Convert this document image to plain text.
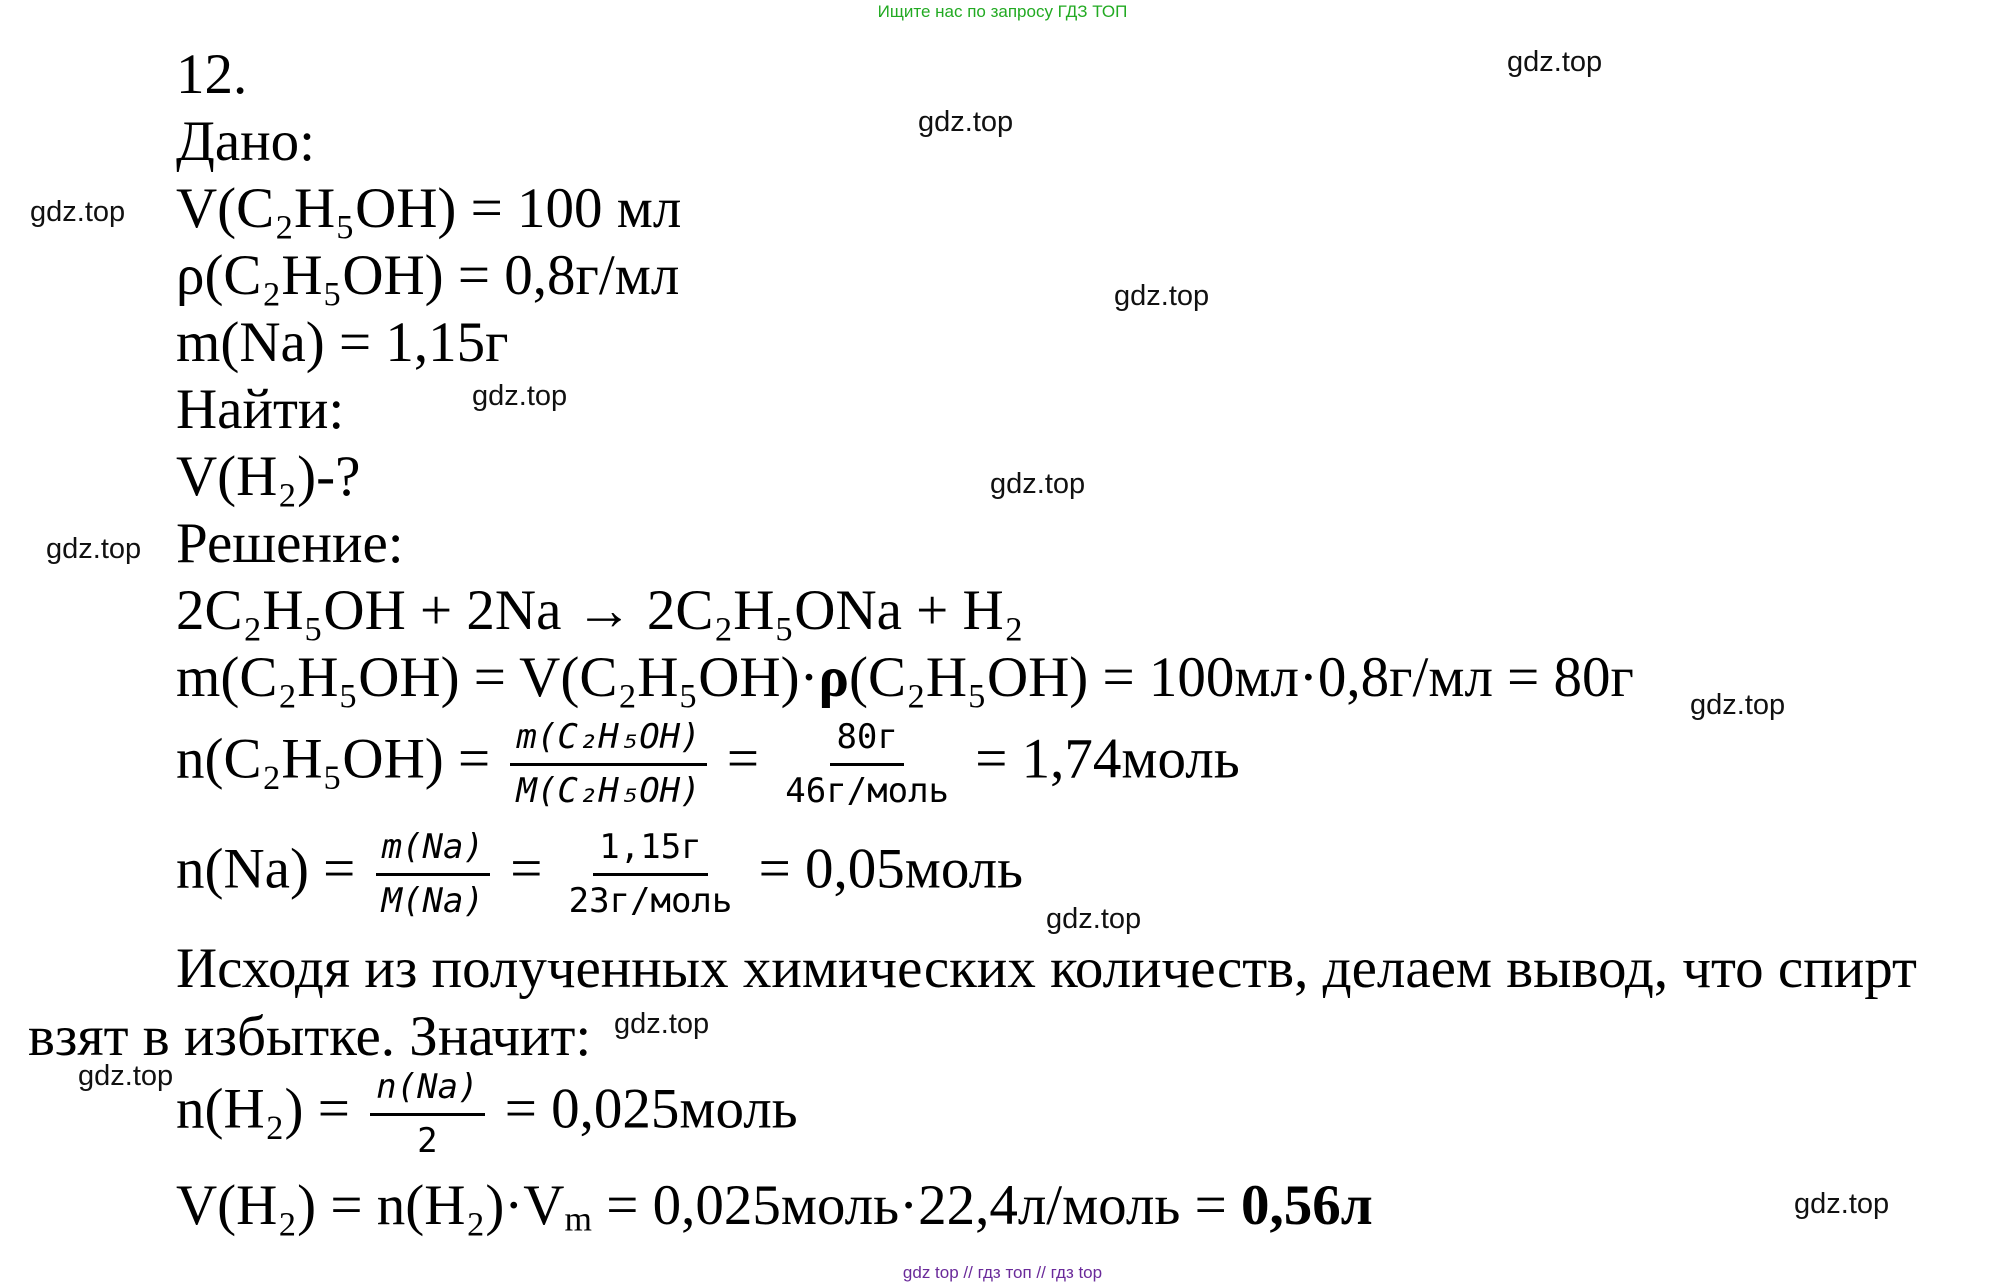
Ищите нас по запросу ГДЗ ТОП
12.
Дано:
V(C₂H₅OH) = 100 мл
ρ(C₂H₅OH) = 0,8г/мл
m(Na) = 1,15г
Найти:
V(H₂)-?
Решение:
2C₂H₅OH + 2Na → 2C₂H₅ONa + H₂
m(C₂H₅OH) = V(C₂H₅OH)·ρ(C₂H₅OH) = 100мл·0,8г/мл = 80г
$n(C_2H_5OH) = \frac{\text{m(C₂H₅OH)}}{\text{M(C₂H₅OH)}} = \frac{80г}{\text{46г/моль}}$ = 1,74моль
$n(Na) = \frac{m(Na)}{M(Na)} = \frac{1,15г}{\text{23г/моль}}$ = 0,05моль
Исходя из полученных химических количеств, делаем вывод, что спирт
взят в избытке. Значит:
$n(H_2) = \frac{n(Na)}{2}$ = 0,025моль
$V(H_2) = n(H_2)\cdot V_m$ = 0,025моль·22,4л/моль = 0,56л
gdz.top
gdz.top
gdz.top
gdz.top
gdz.top
gdz.top
gdz.top
gdz.top
gdz.top
gdz.top
gdz.top
gdz.top
gdz top // гдз топ // гдз top
